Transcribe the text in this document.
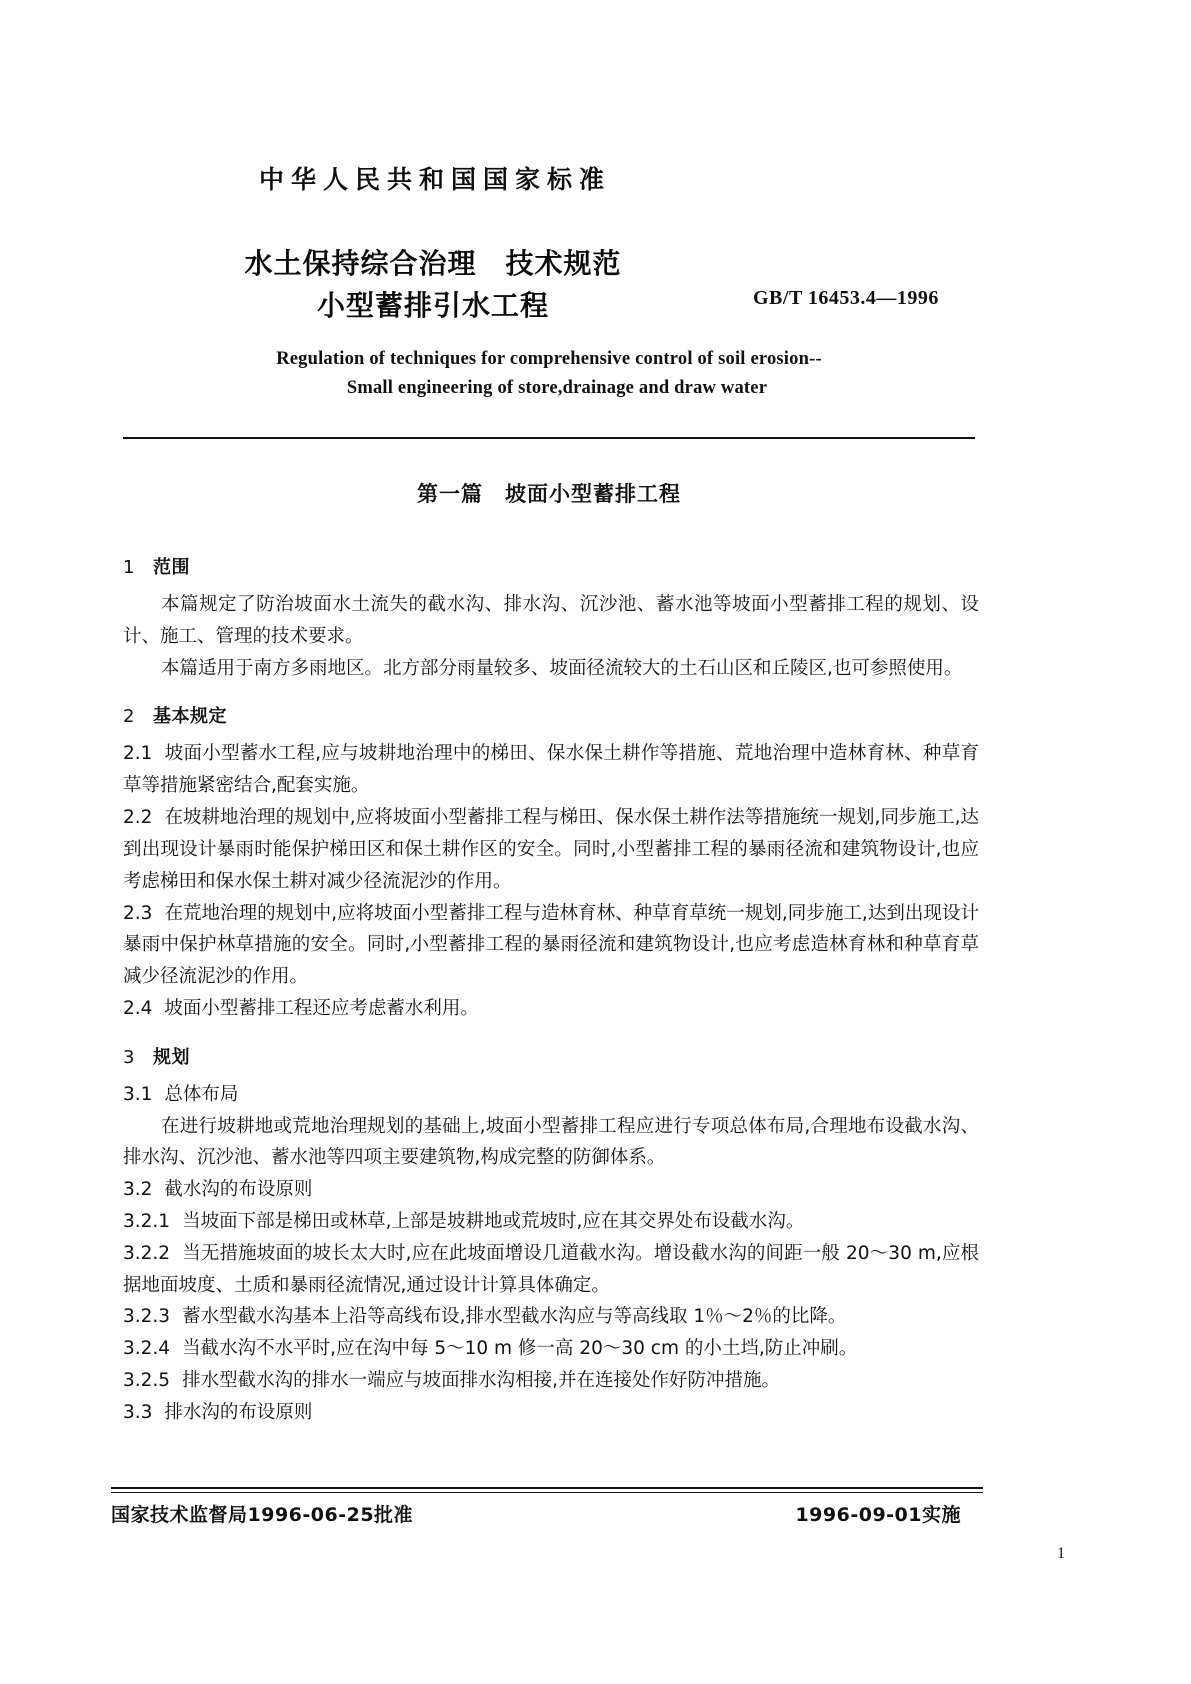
中华人民共和国国家标准
水土保持综合治理　技术规范
小型蓄排引水工程	GB/T 16453.4—1996
Regulation of techniques for comprehensive control of soil erosion--
Small engineering of store,drainage and draw water
第一篇　坡面小型蓄排工程
1 范围

本篇规定了防治坡面水土流失的截水沟、排水沟、沉沙池、蓄水池等坡面小型蓄排工程的规划、设计、施工、管理的技术要求。

本篇适用于南方多雨地区。北方部分雨量较多、坡面径流较大的土石山区和丘陵区,也可参照使用。

2 基本规定

2.1 坡面小型蓄水工程,应与坡耕地治理中的梯田、保水保土耕作等措施、荒地治理中造林育林、种草育草等措施紧密结合,配套实施。

2.2 在坡耕地治理的规划中,应将坡面小型蓄排工程与梯田、保水保土耕作法等措施统一规划,同步施工,达到出现设计暴雨时能保护梯田区和保土耕作区的安全。同时,小型蓄排工程的暴雨径流和建筑物设计,也应考虑梯田和保水保土耕对减少径流泥沙的作用。

2.3 在荒地治理的规划中,应将坡面小型蓄排工程与造林育林、种草育草统一规划,同步施工,达到出现设计暴雨中保护林草措施的安全。同时,小型蓄排工程的暴雨径流和建筑物设计,也应考虑造林育林和种草育草减少径流泥沙的作用。

2.4 坡面小型蓄排工程还应考虑蓄水利用。

3 规划

3.1 总体布局

在进行坡耕地或荒地治理规划的基础上,坡面小型蓄排工程应进行专项总体布局,合理地布设截水沟、排水沟、沉沙池、蓄水池等四项主要建筑物,构成完整的防御体系。

3.2 截水沟的布设原则

3.2.1 当坡面下部是梯田或林草,上部是坡耕地或荒坡时,应在其交界处布设截水沟。

3.2.2 当无措施坡面的坡长太大时,应在此坡面增设几道截水沟。增设截水沟的间距一般 20～30 m,应根据地面坡度、土质和暴雨径流情况,通过设计计算具体确定。

3.2.3 蓄水型截水沟基本上沿等高线布设,排水型截水沟应与等高线取 1％～2％的比降。

3.2.4 当截水沟不水平时,应在沟中每 5～10 m 修一高 20～30 cm 的小土垱,防止冲刷。

3.2.5 排水型截水沟的排水一端应与坡面排水沟相接,并在连接处作好防冲措施。

3.3 排水沟的布设原则

国家技术监督局1996-06-25批准	1996-09-01实施
1
